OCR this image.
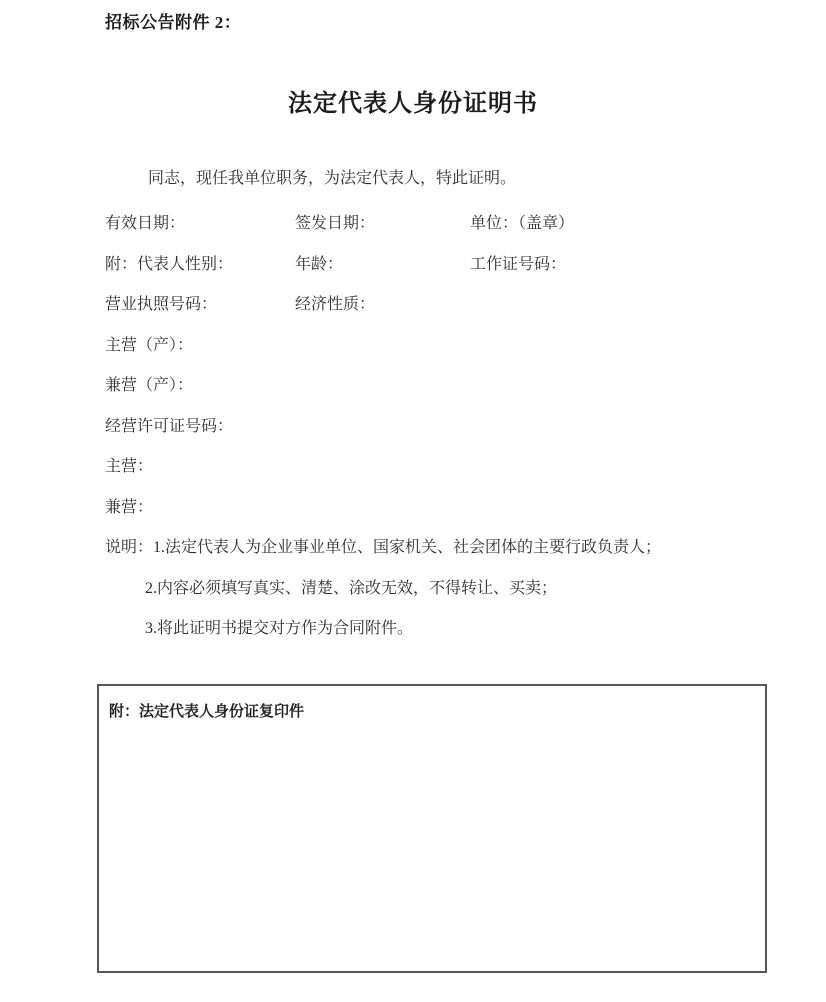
招标公告附件 2：
法定代表人身份证明书

同志，现任我单位职务，为法定代表人，特此证明。

有效日期：	签发日期：	单位：（盖章）
附：代表人性别：	年龄：	工作证号码：
营业执照号码：	经济性质：
主营（产）：
兼营（产）：
经营许可证号码：
主营：
兼营：
说明：1.法定代表人为企业事业单位、国家机关、社会团体的主要行政负责人；
2.内容必须填写真实、清楚、涂改无效，不得转让、买卖；
3.将此证明书提交对方作为合同附件。
附：法定代表人身份证复印件
